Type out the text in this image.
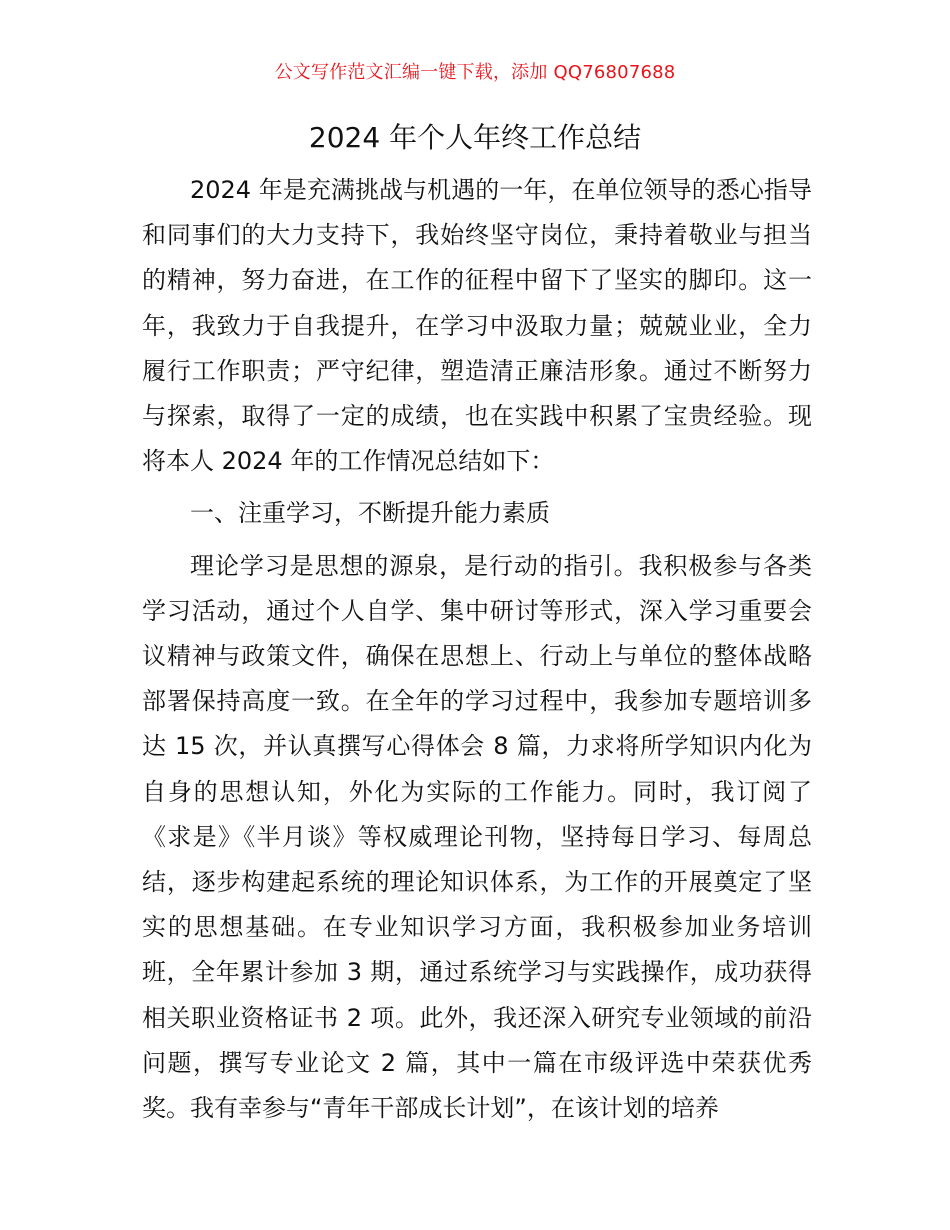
公文写作范文汇编一键下载，添加 QQ76807688
2024 年个人年终工作总结

2024 年是充满挑战与机遇的一年，在单位领导的悉心指导和同事们的大力支持下，我始终坚守岗位，秉持着敬业与担当的精神，努力奋进，在工作的征程中留下了坚实的脚印。这一年，我致力于自我提升，在学习中汲取力量；兢兢业业，全力履行工作职责；严守纪律，塑造清正廉洁形象。通过不断努力与探索，取得了一定的成绩，也在实践中积累了宝贵经验。现将本人 2024 年的工作情况总结如下：

一、注重学习，不断提升能力素质

理论学习是思想的源泉，是行动的指引。我积极参与各类学习活动，通过个人自学、集中研讨等形式，深入学习重要会议精神与政策文件，确保在思想上、行动上与单位的整体战略部署保持高度一致。在全年的学习过程中，我参加专题培训多达 15 次，并认真撰写心得体会 8 篇，力求将所学知识内化为自身的思想认知，外化为实际的工作能力。同时，我订阅了《求是》《半月谈》等权威理论刊物，坚持每日学习、每周总结，逐步构建起系统的理论知识体系，为工作的开展奠定了坚实的思想基础。在专业知识学习方面，我积极参加业务培训班，全年累计参加 3 期，通过系统学习与实践操作，成功获得相关职业资格证书 2 项。此外，我还深入研究专业领域的前沿问题，撰写专业论文 2 篇，其中一篇在市级评选中荣获优秀奖。我有幸参与“青年干部成长计划”，在该计划的培养
